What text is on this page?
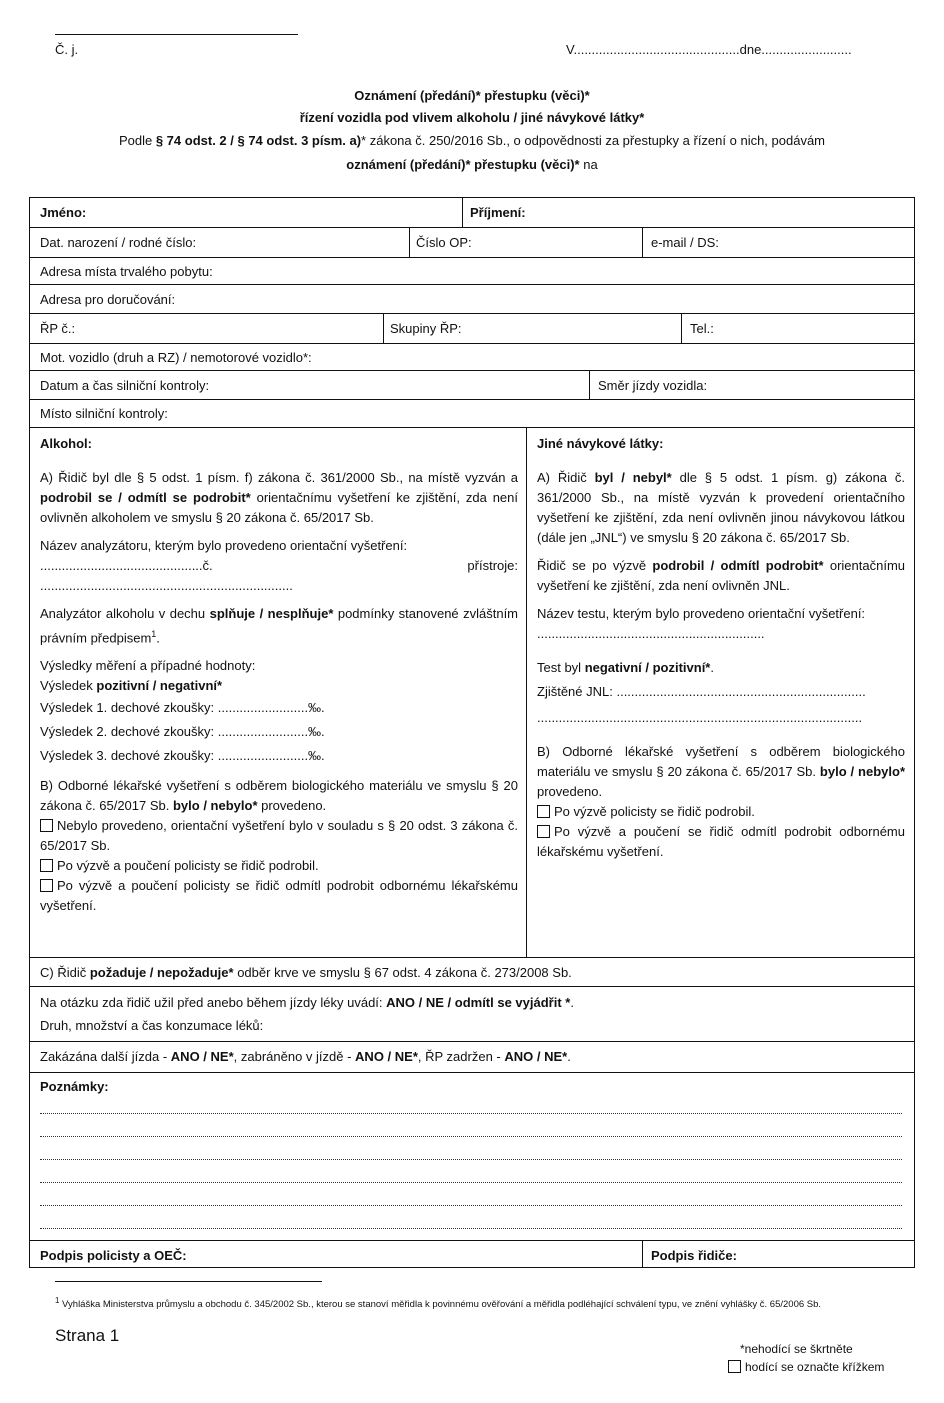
Č. j.	V..............................................dne.........................
Oznámení (předání)* přestupku (věci)*
řízení vozidla pod vlivem alkoholu / jiné návykové látky*
Podle § 74 odst. 2 / § 74 odst. 3 písm. a)* zákona č. 250/2016 Sb., o odpovědnosti za přestupky a řízení o nich, podávám
oznámení (předání)* přestupku (věci)* na
Jméno:	Příjmení:
Dat. narození / rodné číslo:	Číslo OP:	e-mail / DS:
Adresa místa trvalého pobytu:
Adresa pro doručování:
ŘP č.:	Skupiny ŘP:	Tel.:
Mot. vozidlo (druh a RZ) / nemotorové vozidlo*:
Datum a čas silniční kontroly:	Směr jízdy vozidla:
Místo silniční kontroly:

Alkohol:

A) Řidič byl dle § 5 odst. 1 písm. f) zákona č. 361/2000 Sb., na místě vyzván a podrobil se / odmítl se podrobit* orientačnímu vyšetření ke zjištění, zda není ovlivněn alkoholem ve smyslu § 20 zákona č. 65/2017 Sb.

Název analyzátoru, kterým bylo provedeno orientační vyšetření:

.............................................č. přístroje: ......................................................................

Analyzátor alkoholu v dechu splňuje / nesplňuje* podmínky stanovené zvláštním právním předpisem$^1$.

Výsledky měření a případné hodnoty:

Výsledek pozitivní / negativní*

Výsledek 1. dechové zkoušky: .........................‰.

Výsledek 2. dechové zkoušky: .........................‰.

Výsledek 3. dechové zkoušky: .........................‰.

B) Odborné lékařské vyšetření s odběrem biologického materiálu ve smyslu § 20 zákona č. 65/2017 Sb. bylo / nebylo* provedeno.

Nebylo provedeno, orientační vyšetření bylo v souladu s § 20 odst. 3 zákona č. 65/2017 Sb.

Po výzvě a poučení policisty se řidič podrobil.

Po výzvě a poučení policisty se řidič odmítl podrobit odbornému lékařskému vyšetření.

Jiné návykové látky:

A) Řidič byl / nebyl* dle § 5 odst. 1 písm. g) zákona č. 361/2000 Sb., na místě vyzván k provedení orientačního vyšetření ke zjištění, zda není ovlivněn jinou návykovou látkou (dále jen „JNL“) ve smyslu § 20 zákona č. 65/2017 Sb.

Řidič se po výzvě podrobil / odmítl podrobit* orientačnímu vyšetření ke zjištění, zda není ovlivněn JNL.

Název testu, kterým bylo provedeno orientační vyšetření: ...............................................................

Test byl negativní / pozitivní*.

Zjištěné JNL: .....................................................................

..........................................................................................

B) Odborné lékařské vyšetření s odběrem biologického materiálu ve smyslu § 20 zákona č. 65/2017 Sb. bylo / nebylo* provedeno.

Po výzvě policisty se řidič podrobil.

Po výzvě a poučení se řidič odmítl podrobit odbornému lékařskému vyšetření.

C) Řidič požaduje / nepožaduje* odběr krve ve smyslu § 67 odst. 4 zákona č. 273/2008 Sb.
Na otázku zda řidič užil před anebo během jízdy léky uvádí: ANO / NE / odmítl se vyjádřit *.
Druh, množství a čas konzumace léků:
Zakázána další jízda - ANO / NE*, zabráněno v jízdě - ANO / NE*, ŘP zadržen - ANO / NE*.
Poznámky:
Podpis policisty a OEČ:	Podpis řidiče:
$^1$ Vyhláška Ministerstva průmyslu a obchodu č. 345/2002 Sb., kterou se stanoví měřidla k povinnému ověřování a měřidla podléhající schválení typu, ve znění vyhlášky č. 65/2006 Sb.
Strana 1
*nehodící se škrtněte
hodící se označte křížkem
